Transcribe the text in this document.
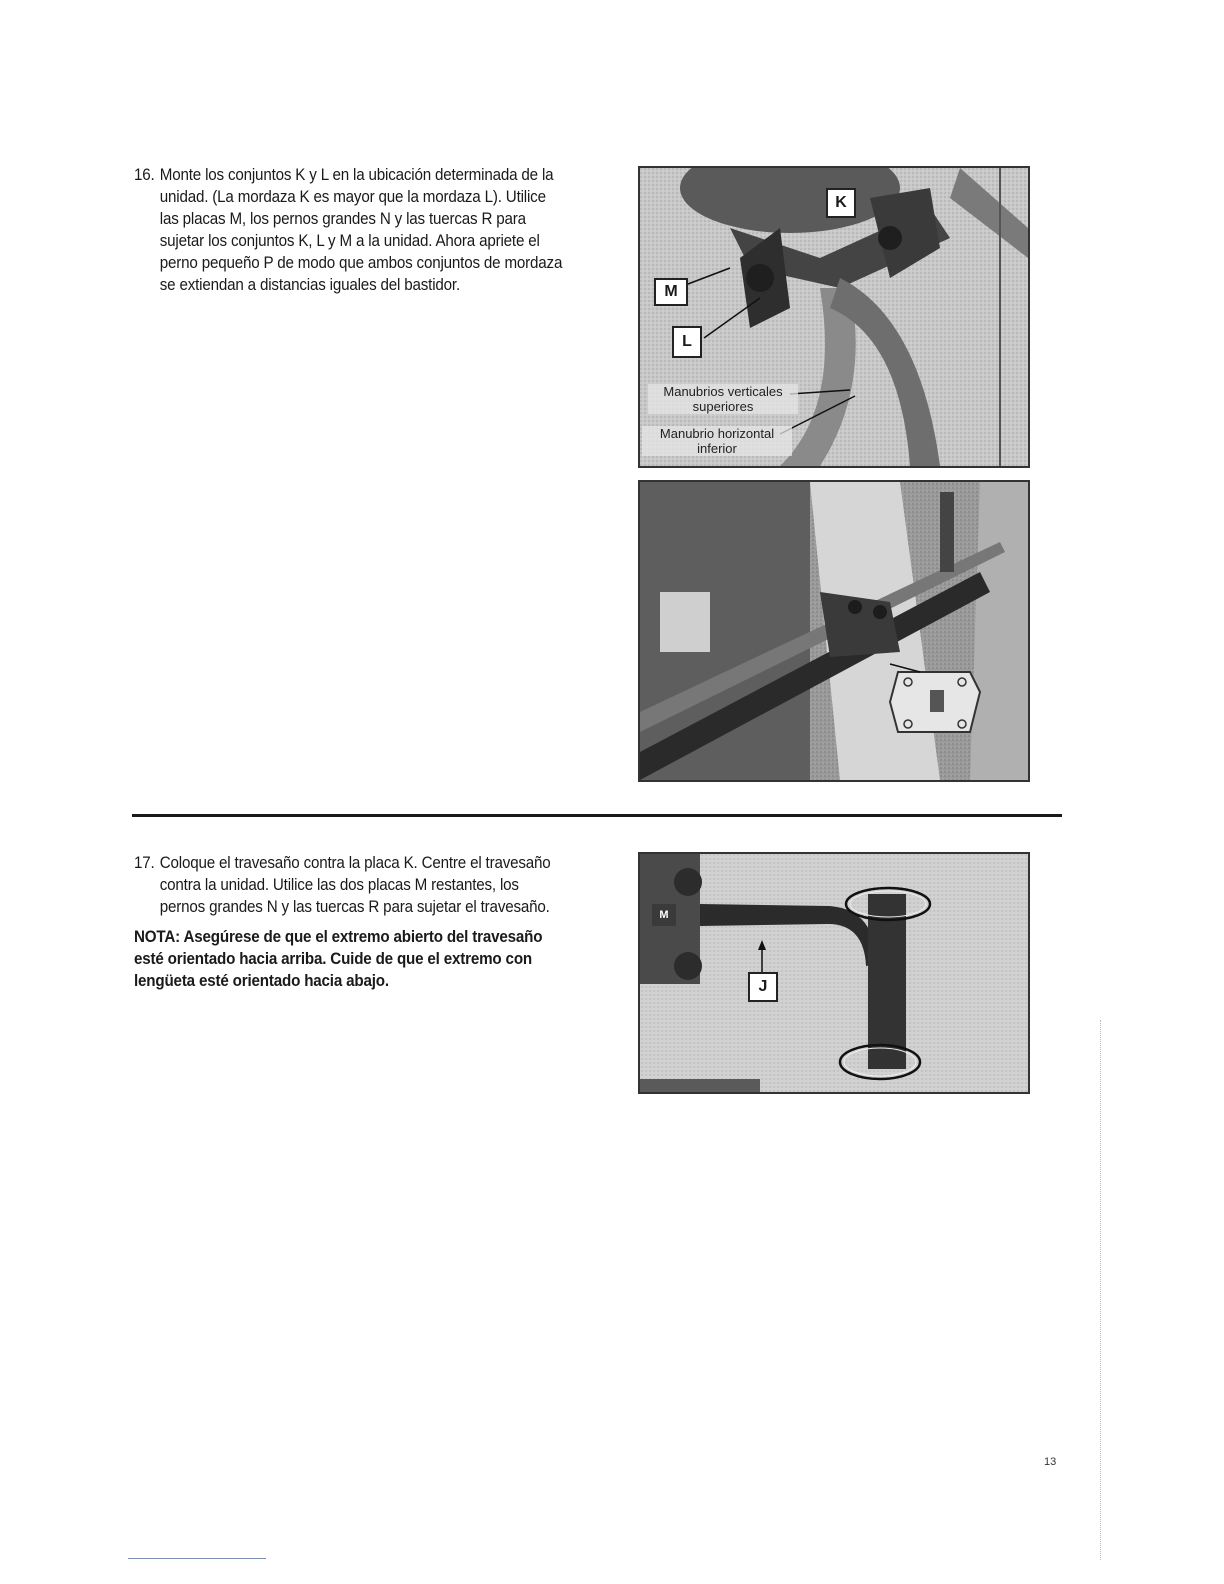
16. Monte los conjuntos K y L en la ubicación determinada de la unidad. (La mordaza K es mayor que la mordaza L). Utilice las placas M, los pernos grandes N y las tuercas R para sujetar los conjuntos K, L y M a la unidad. Ahora apriete el perno pequeño P de modo que ambos conjuntos de mordaza se extiendan a distancias iguales del bastidor.

K
M
L
Manubrios verticales superiores
Manubrio horizontal inferior

17. Coloque el travesaño contra la placa K. Centre el travesaño contra la unidad. Utilice las dos placas M restantes, los pernos grandes N y las tuercas R para sujetar el travesaño.

NOTA: Asegúrese de que el extremo abierto del travesaño esté orientado hacia arriba. Cuide de que el extremo con lengüeta esté orientado hacia abajo.	J
M
13
